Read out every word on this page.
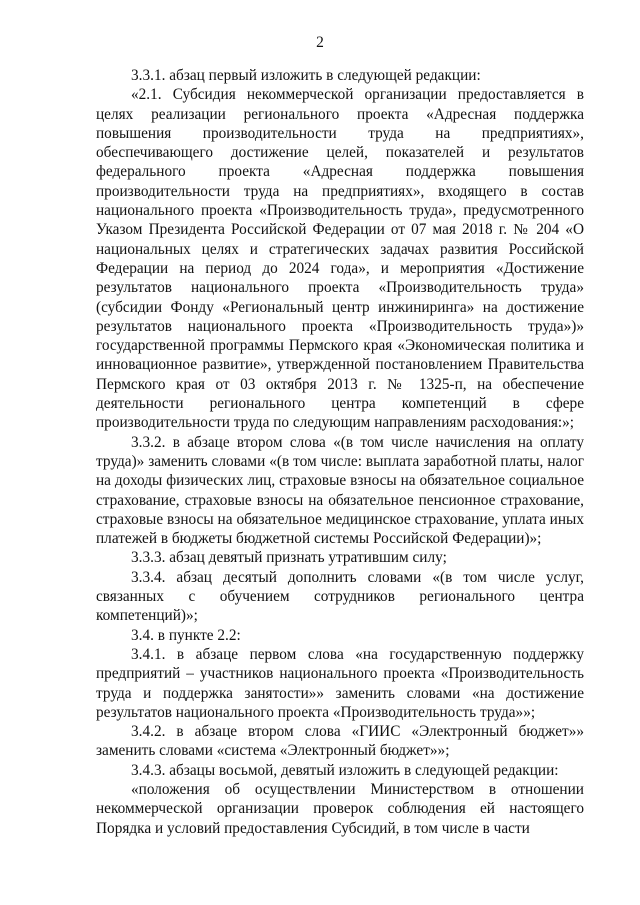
2

3.3.1. абзац первый изложить в следующей редакции:

«2.1. Субсидия некоммерческой организации предоставляется в целях реализации регионального проекта «Адресная поддержка повышения производительности труда на предприятиях», обеспечивающего достижение целей, показателей и результатов федерального проекта «Адресная поддержка повышения производительности труда на предприятиях», входящего в состав национального проекта «Производительность труда», предусмотренного Указом Президента Российской Федерации от 07 мая 2018 г. № 204 «О национальных целях и стратегических задачах развития Российской Федерации на период до 2024 года», и мероприятия «Достижение результатов национального проекта «Производительность труда» (субсидии Фонду «Региональный центр инжиниринга» на достижение результатов национального проекта «Производительность труда»)» государственной программы Пермского края «Экономическая политика и инновационное развитие», утвержденной постановлением Правительства Пермского края от 03 октября 2013 г. № 1325-п, на обеспечение деятельности регионального центра компетенций в сфере производительности труда по следующим направлениям расходования:»;

3.3.2. в абзаце втором слова «(в том числе начисления на оплату труда)» заменить словами «(в том числе: выплата заработной платы, налог на доходы физических лиц, страховые взносы на обязательное социальное страхование, страховые взносы на обязательное пенсионное страхование, страховые взносы на обязательное медицинское страхование, уплата иных платежей в бюджеты бюджетной системы Российской Федерации)»;

3.3.3. абзац девятый признать утратившим силу;

3.3.4. абзац десятый дополнить словами «(в том числе услуг, связанных с обучением сотрудников регионального центра компетенций)»;

3.4. в пункте 2.2:

3.4.1. в абзаце первом слова «на государственную поддержку предприятий – участников национального проекта «Производительность труда и поддержка занятости»» заменить словами «на достижение результатов национального проекта «Производительность труда»»;

3.4.2. в абзаце втором слова «ГИИС «Электронный бюджет»» заменить словами «система «Электронный бюджет»»;

3.4.3. абзацы восьмой, девятый изложить в следующей редакции:

«положения об осуществлении Министерством в отношении некоммерческой организации проверок соблюдения ей настоящего Порядка и условий предоставления Субсидий, в том числе в части
